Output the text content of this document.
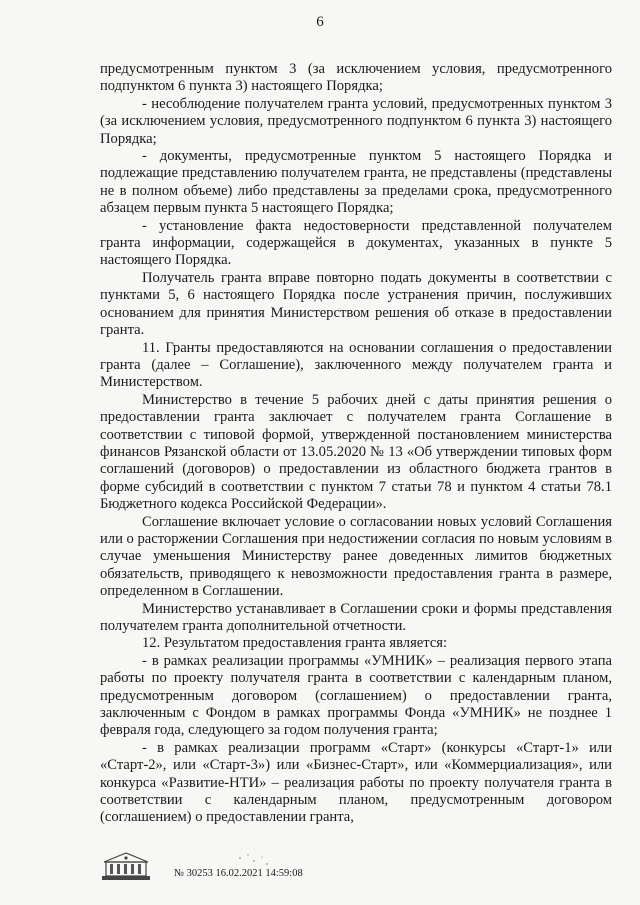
6

предусмотренным пунктом 3 (за исключением условия, предусмотренного подпунктом 6 пункта 3) настоящего Порядка;

- несоблюдение получателем гранта условий, предусмотренных пунктом 3 (за исключением условия, предусмотренного подпунктом 6 пункта 3) настоящего Порядка;

- документы, предусмотренные пунктом 5 настоящего Порядка и подлежащие представлению получателем гранта, не представлены (представлены не в полном объеме) либо представлены за пределами срока, предусмотренного абзацем первым пункта 5 настоящего Порядка;

- установление факта недостоверности представленной получателем гранта информации, содержащейся в документах, указанных в пункте 5 настоящего Порядка.

Получатель гранта вправе повторно подать документы в соответствии с пунктами 5, 6 настоящего Порядка после устранения причин, послуживших основанием для принятия Министерством решения об отказе в предоставлении гранта.

11. Гранты предоставляются на основании соглашения о предоставлении гранта (далее – Соглашение), заключенного между получателем гранта и Министерством.

Министерство в течение 5 рабочих дней с даты принятия решения о предоставлении гранта заключает с получателем гранта Соглашение в соответствии с типовой формой, утвержденной постановлением министерства финансов Рязанской области от 13.05.2020 № 13 «Об утверждении типовых форм соглашений (договоров) о предоставлении из областного бюджета грантов в форме субсидий в соответствии с пунктом 7 статьи 78 и пунктом 4 статьи 78.1 Бюджетного кодекса Российской Федерации».

Соглашение включает условие о согласовании новых условий Соглашения или о расторжении Соглашения при недостижении согласия по новым условиям в случае уменьшения Министерству ранее доведенных лимитов бюджетных обязательств, приводящего к невозможности предоставления гранта в размере, определенном в Соглашении.

Министерство устанавливает в Соглашении сроки и формы представления получателем гранта дополнительной отчетности.

12. Результатом предоставления гранта является:

- в рамках реализации программы «УМНИК» – реализация первого этапа работы по проекту получателя гранта в соответствии с календарным планом, предусмотренным договором (соглашением) о предоставлении гранта, заключенным с Фондом в рамках программы Фонда «УМНИК» не позднее 1 февраля года, следующего за годом получения гранта;

- в рамках реализации программ «Старт» (конкурсы «Старт-1» или «Старт-2», или «Старт-3») или «Бизнес-Старт», или «Коммерциализация», или конкурса «Развитие-НТИ» – реализация работы по проекту получателя гранта в соответствии с календарным планом, предусмотренным договором (соглашением) о предоставлении гранта,

№ 30253 16.02.2021 14:59:08
